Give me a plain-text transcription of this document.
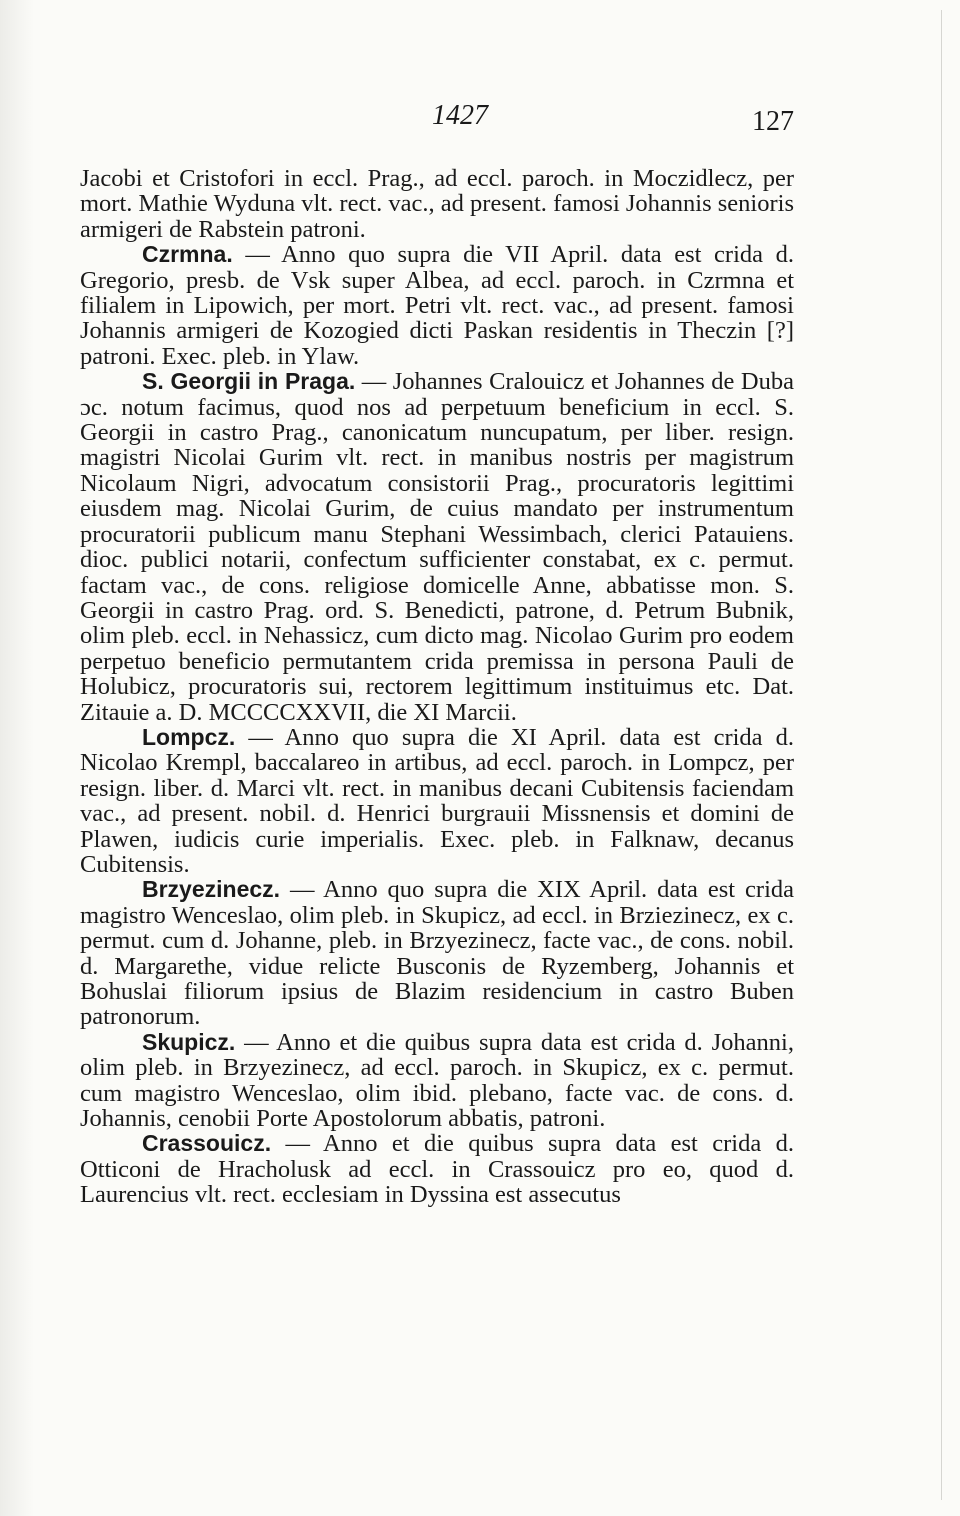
1427	127

Jacobi et Cristofori in eccl. Prag., ad eccl. paroch. in Moczidlecz, per mort. Mathie Wyduna vlt. rect. vac., ad present. famosi Johannis senioris armigeri de Rabstein patroni.

Czrmna. — Anno quo supra die VII April. data est crida d. Gregorio, presb. de Vsk super Albea, ad eccl. paroch. in Czrmna et filialem in Lipowich, per mort. Petri vlt. rect. vac., ad present. famosi Johannis armigeri de Kozogied dicti Paskan residentis in Theczin [?] patroni. Exec. pleb. in Ylaw.

S. Georgii in Praga. — Johannes Cralouicz et Johannes de Duba ɔc. notum facimus, quod nos ad perpetuum beneficium in eccl. S. Georgii in castro Prag., canonicatum nuncupatum, per liber. resign. magistri Nicolai Gurim vlt. rect. in manibus nostris per magistrum Nicolaum Nigri, advocatum consistorii Prag., procuratoris legittimi eiusdem mag. Nicolai Gurim, de cuius mandato per instrumentum procuratorii publicum manu Stephani Wessimbach, clerici Patauiens. dioc. publici notarii, confectum sufficienter constabat, ex c. permut. factam vac., de cons. religiose domicelle Anne, abbatisse mon. S. Georgii in castro Prag. ord. S. Benedicti, patrone, d. Petrum Bubnik, olim pleb. eccl. in Nehassicz, cum dicto mag. Nicolao Gurim pro eodem perpetuo beneficio permutantem crida premissa in persona Pauli de Holubicz, procuratoris sui, rectorem legittimum instituimus etc. Dat. Zitauie a. D. MCCCCXXVII, die XI Marcii.

Lompcz. — Anno quo supra die XI April. data est crida d. Nicolao Krempl, baccalareo in artibus, ad eccl. paroch. in Lompcz, per resign. liber. d. Marci vlt. rect. in manibus decani Cubitensis faciendam vac., ad present. nobil. d. Henrici burgrauii Missnensis et domini de Plawen, iudicis curie imperialis. Exec. pleb. in Falknaw, decanus Cubitensis.

Brzyezinecz. — Anno quo supra die XIX April. data est crida magistro Wenceslao, olim pleb. in Skupicz, ad eccl. in Brziezinecz, ex c. permut. cum d. Johanne, pleb. in Brzyezinecz, facte vac., de cons. nobil. d. Margarethe, vidue relicte Busconis de Ryzemberg, Johannis et Bohuslai filiorum ipsius de Blazim residencium in castro Buben patronorum.

Skupicz. — Anno et die quibus supra data est crida d. Johanni, olim pleb. in Brzyezinecz, ad eccl. paroch. in Skupicz, ex c. permut. cum magistro Wenceslao, olim ibid. plebano, facte vac. de cons. d. Johannis, cenobii Porte Apostolorum abbatis, patroni.

Crassouicz. — Anno et die quibus supra data est crida d. Otticoni de Hracholusk ad eccl. in Crassouicz pro eo, quod d. Laurencius vlt. rect. ecclesiam in Dyssina est assecutus
